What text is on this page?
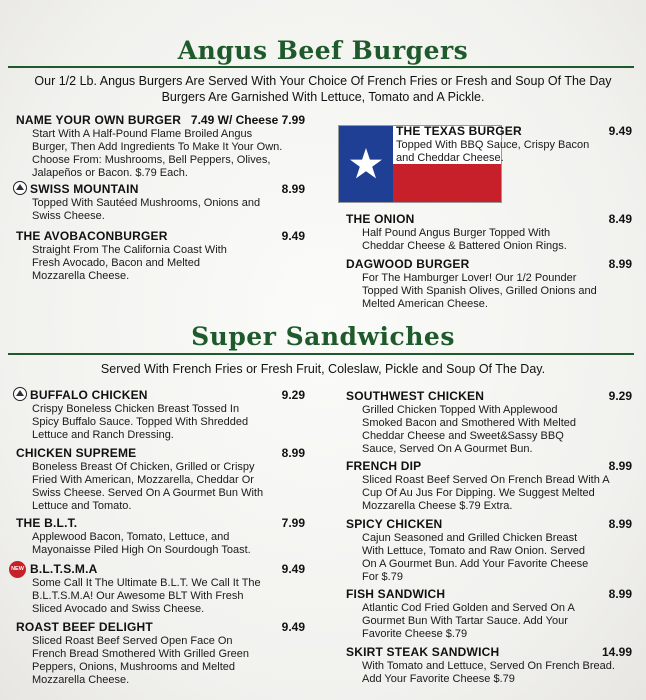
Angus Beef Burgers
Our 1/2 Lb. Angus Burgers Are Served With Your Choice Of French Fries or Fresh and Soup Of The Day
Burgers Are Garnished With Lettuce, Tomato and A Pickle.
NAME YOUR OWN BURGER 7.49 W/ Cheese 7.99
Start With A Half-Pound Flame Broiled Angus Burger, Then Add Ingredients To Make It Your Own. Choose From: Mushrooms, Bell Peppers, Olives, Jalapeños or Bacon. $.79 Each.
SWISS MOUNTAIN	8.99
Topped With Sautéed Mushrooms, Onions and Swiss Cheese.
THE AVOBACONBURGER	9.49
Straight From The California Coast With Fresh Avocado, Bacon and Melted Mozzarella Cheese.
THE TEXAS BURGER	9.49
Topped With BBQ Sauce, Crispy Bacon and Cheddar Cheese.
THE ONION	8.49
Half Pound Angus Burger Topped With Cheddar Cheese & Battered Onion Rings.
DAGWOOD BURGER	8.99
For The Hamburger Lover! Our 1/2 Pounder Topped With Spanish Olives, Grilled Onions and Melted American Cheese.
Super Sandwiches
Served With French Fries or Fresh Fruit, Coleslaw, Pickle and Soup Of The Day.
BUFFALO CHICKEN	9.29
Crispy Boneless Chicken Breast Tossed In Spicy Buffalo Sauce. Topped With Shredded Lettuce and Ranch Dressing.
CHICKEN SUPREME	8.99
Boneless Breast Of Chicken, Grilled or Crispy Fried With American, Mozzarella, Cheddar Or Swiss Cheese. Served On A Gourmet Bun With Lettuce and Tomato.
THE B.L.T.	7.99
Applewood Bacon, Tomato, Lettuce, and Mayonaisse Piled High On Sourdough Toast.
NEW B.L.T.S.M.A	9.49
Some Call It The Ultimate B.L.T. We Call It The B.L.T.S.M.A! Our Awesome BLT With Fresh Sliced Avocado and Swiss Cheese.
ROAST BEEF DELIGHT	9.49
Sliced Roast Beef Served Open Face On French Bread Smothered With Grilled Green Peppers, Onions, Mushrooms and Melted Mozzarella Cheese.
SOUTHWEST CHICKEN	9.29
Grilled Chicken Topped With Applewood Smoked Bacon and Smothered With Melted Cheddar Cheese and Sweet&Sassy BBQ Sauce, Served On A Gourmet Bun.
FRENCH DIP	8.99
Sliced Roast Beef Served On French Bread With A Cup Of Au Jus For Dipping. We Suggest Melted Mozzarella Cheese $.79 Extra.
SPICY CHICKEN	8.99
Cajun Seasoned and Grilled Chicken Breast With Lettuce, Tomato and Raw Onion. Served On A Gourmet Bun. Add Your Favorite Cheese For $.79
FISH SANDWICH	8.99
Atlantic Cod Fried Golden and Served On A Gourmet Bun With Tartar Sauce. Add Your Favorite Cheese $.79
SKIRT STEAK SANDWICH	14.99
With Tomato and Lettuce, Served On French Bread. Add Your Favorite Cheese $.79
